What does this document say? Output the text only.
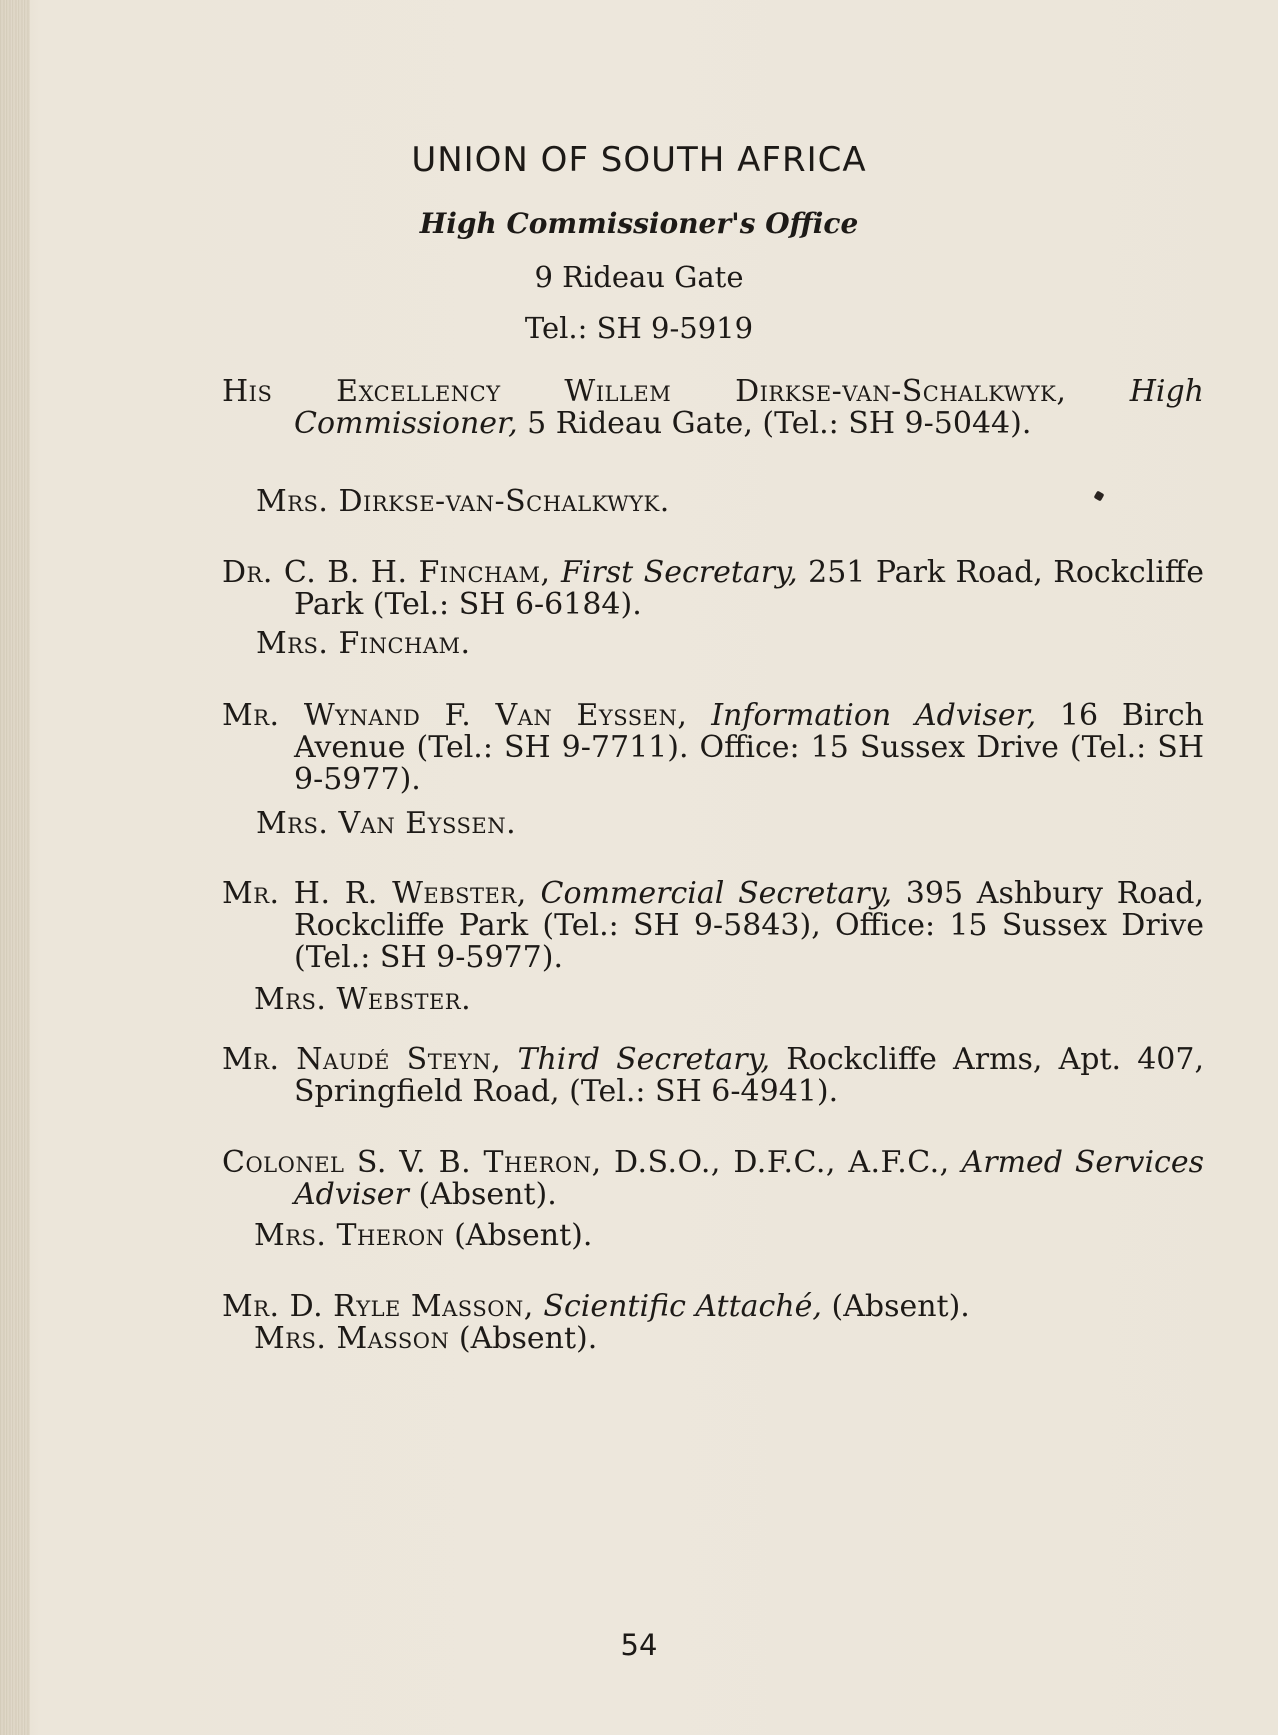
UNION OF SOUTH AFRICA
High Commissioner's Office
9 Rideau Gate
Tel.: SH 9-5919
His Excellency Willem Dirkse-van-Schalkwyk, High Commissioner, 5 Rideau Gate, (Tel.: SH 9-5044).
Mrs. Dirkse-van-Schalkwyk.
Dr. C. B. H. Fincham, First Secretary, 251 Park Road, Rockcliffe Park (Tel.: SH 6-6184).
Mrs. Fincham.
Mr. Wynand F. Van Eyssen, Information Adviser, 16 Birch Avenue (Tel.: SH 9-7711). Office: 15 Sussex Drive (Tel.: SH 9-5977).
Mrs. Van Eyssen.
Mr. H. R. Webster, Commercial Secretary, 395 Ashbury Road, Rockcliffe Park (Tel.: SH 9-5843), Office: 15 Sussex Drive (Tel.: SH 9-5977).
Mrs. Webster.
Mr. Naudé Steyn, Third Secretary, Rockcliffe Arms, Apt. 407, Springfield Road, (Tel.: SH 6-4941).
Colonel S. V. B. Theron, D.S.O., D.F.C., A.F.C., Armed Services Adviser (Absent).
Mrs. Theron (Absent).
Mr. D. Ryle Masson, Scientific Attaché, (Absent).
Mrs. Masson (Absent).
54
